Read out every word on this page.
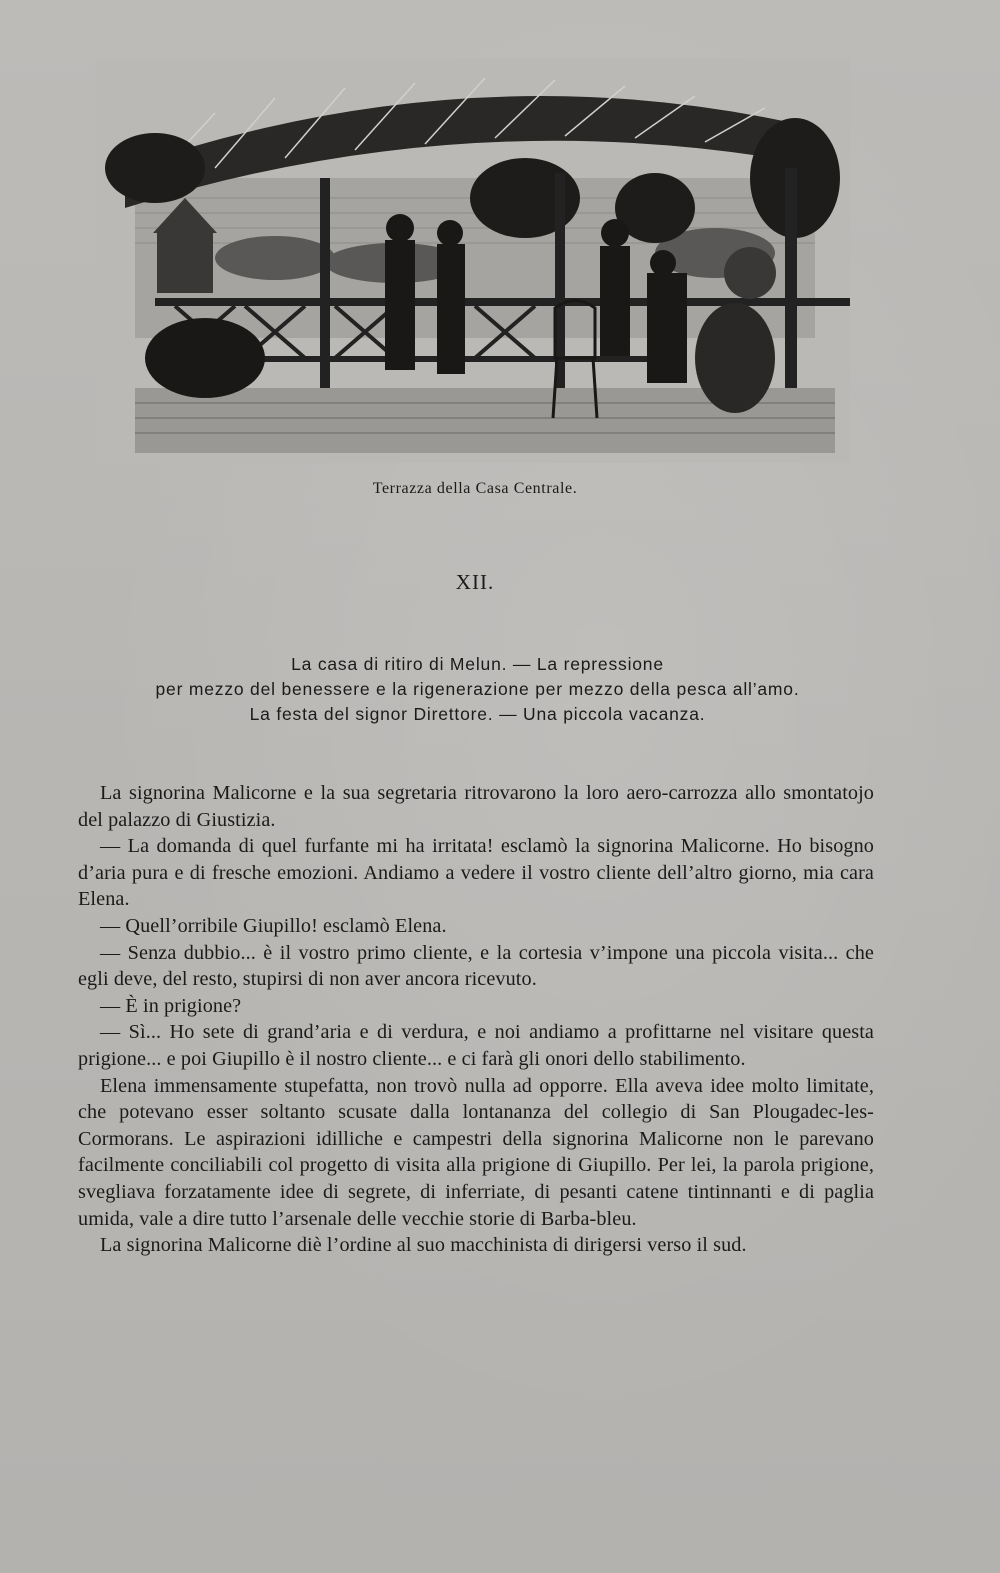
Terrazza della Casa Centrale.
XII.
La casa di ritiro di Melun. — La repressione
per mezzo del benessere e la rigenerazione per mezzo della pesca all’amo.
La festa del signor Direttore. — Una piccola vacanza.

La signorina Malicorne e la sua segretaria ritrovarono la loro aero-carrozza allo smontatojo del palazzo di Giustizia.

— La domanda di quel furfante mi ha irritata! esclamò la signorina Malicorne. Ho bisogno d’aria pura e di fresche emozioni. Andiamo a vedere il vostro cliente dell’altro giorno, mia cara Elena.

— Quell’orribile Giupillo! esclamò Elena.

— Senza dubbio... è il vostro primo cliente, e la cortesia v’impone una piccola visita... che egli deve, del resto, stupirsi di non aver ancora ricevuto.

— È in prigione?

— Sì... Ho sete di grand’aria e di verdura, e noi andiamo a profittarne nel visitare questa prigione... e poi Giupillo è il nostro cliente... e ci farà gli onori dello stabilimento.

Elena immensamente stupefatta, non trovò nulla ad opporre. Ella aveva idee molto limitate, che potevano esser soltanto scusate dalla lontananza del collegio di San Plougadec-les-Cormorans. Le aspirazioni idilliche e campestri della signorina Malicorne non le parevano facilmente conciliabili col progetto di visita alla prigione di Giupillo. Per lei, la parola prigione, svegliava forzatamente idee di segrete, di inferriate, di pesanti catene tintinnanti e di paglia umida, vale a dire tutto l’arsenale delle vecchie storie di Barba-bleu.

La signorina Malicorne diè l’ordine al suo macchinista di dirigersi verso il sud.
